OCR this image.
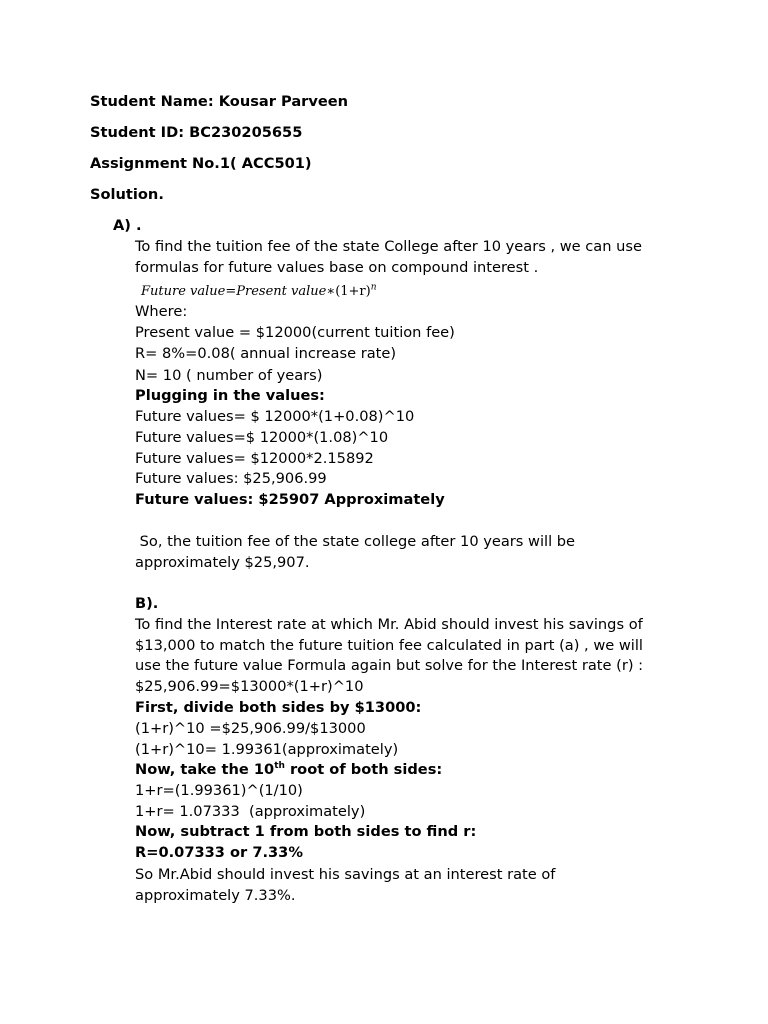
Student Name: Kousar Parveen
Student ID: BC230205655
Assignment No.1( ACC501)
Solution.
A) .
To find the tuition fee of the state College after 10 years , we can use
formulas for future values base on compound interest .
Future value=Present $value∗(1+r)^n$
Where:
Present value = $12000(current tuition fee)
R= 8%=0.08( annual increase rate)
N= 10 ( number of years)
Plugging in the values:
Future values= $ 12000*(1+0.08)^10
Future values=$ 12000*(1.08)^10
Future values= $12000*2.15892
Future values: $25,906.99
Future values: $25907 Approximately
So, the tuition fee of the state college after 10 years will be
approximately $25,907.
B).
To find the Interest rate at which Mr. Abid should invest his savings of
$13,000 to match the future tuition fee calculated in part (a) , we will
use the future value Formula again but solve for the Interest rate (r) :
$25,906.99=$13000*(1+r)^10
First, divide both sides by $13000:
(1+r)^10 =$25,906.99/$13000
(1+r)^10= 1.99361(approximately)
Now, take the 10th root of both sides:
1+r=(1.99361)^(1/10)
1+r= 1.07333  (approximately)
Now, subtract 1 from both sides to find r:
R=0.07333 or 7.33%
So Mr.Abid should invest his savings at an interest rate of
approximately 7.33%.
